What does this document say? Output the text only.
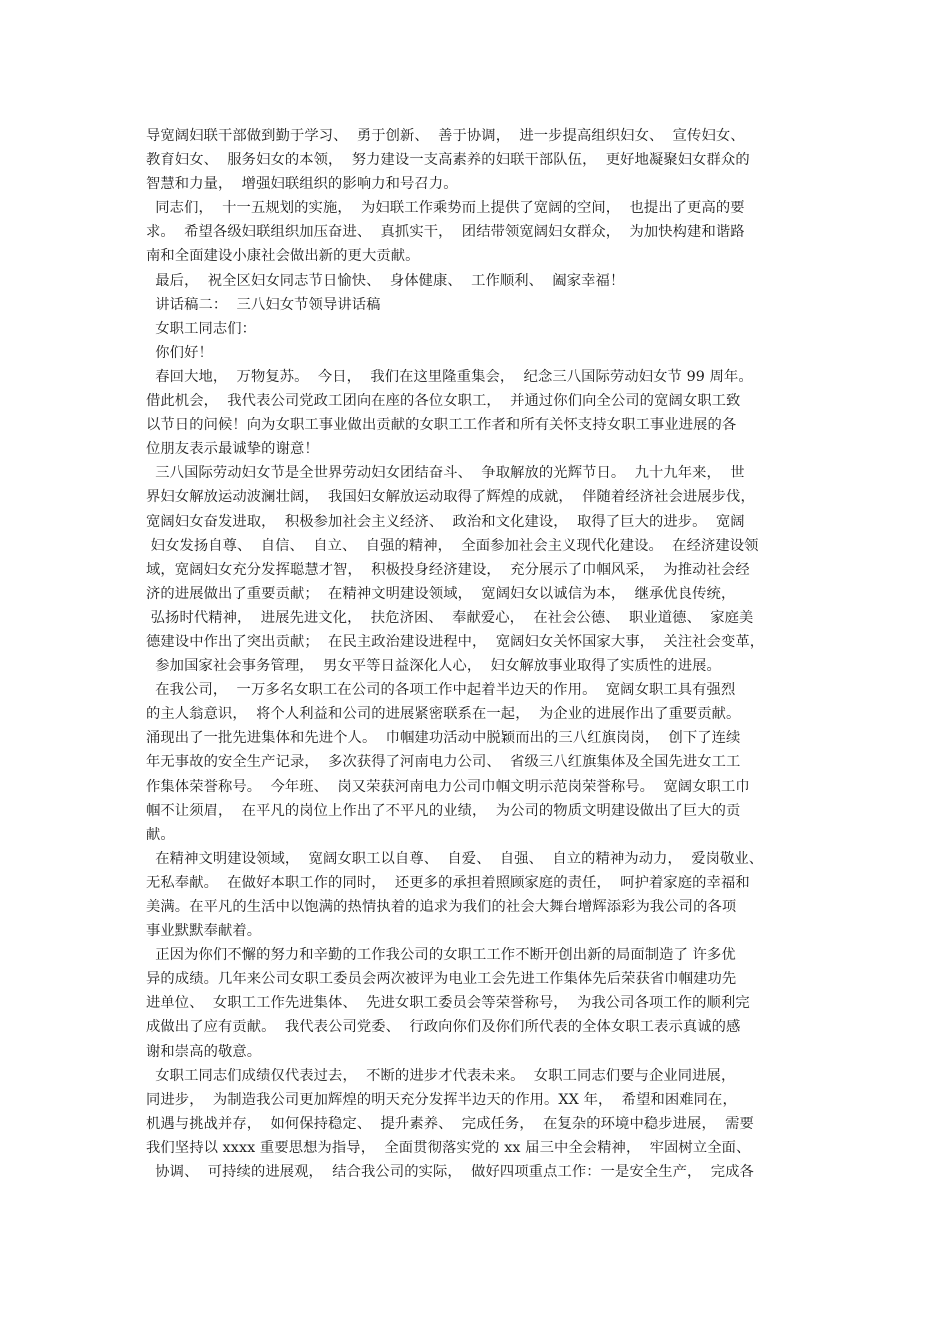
导宽阔妇联干部做到勤于学习、  勇于创新、  善于协调，  进一步提高组织妇女、  宣传妇女、
教育妇女、  服务妇女的本领，  努力建设一支高素养的妇联干部队伍，  更好地凝聚妇女群众的
智慧和力量，  增强妇联组织的影响力和号召力。
同志们，  十一五规划的实施，  为妇联工作乘势而上提供了宽阔的空间，  也提出了更高的要
求。  希望各级妇联组织加压奋进、  真抓实干，  团结带领宽阔妇女群众，  为加快构建和谐路
南和全面建设小康社会做出新的更大贡献。
最后，  祝全区妇女同志节日愉快、  身体健康、  工作顺利、  阖家幸福！
讲话稿二：  三八妇女节领导讲话稿
女职工同志们：
你们好！
春回大地，  万物复苏。  今日，  我们在这里隆重集会，  纪念三八国际劳动妇女节 99 周年。
借此机会，  我代表公司党政工团向在座的各位女职工，  并通过你们向全公司的宽阔女职工致
以节日的问候！向为女职工事业做出贡献的女职工工作者和所有关怀支持女职工事业进展的各
位朋友表示最诚挚的谢意！
三八国际劳动妇女节是全世界劳动妇女团结奋斗、  争取解放的光辉节日。  九十九年来，  世
界妇女解放运动波澜壮阔，  我国妇女解放运动取得了辉煌的成就，  伴随着经济社会进展步伐，
宽阔妇女奋发进取，  积极参加社会主义经济、  政治和文化建设，  取得了巨大的进步。  宽阔
妇女发扬自尊、  自信、  自立、  自强的精神，  全面参加社会主义现代化建设。  在经济建设领
域，宽阔妇女充分发挥聪慧才智，  积极投身经济建设，  充分展示了巾帼风采，  为推动社会经
济的进展做出了重要贡献；  在精神文明建设领域，  宽阔妇女以诚信为本，  继承优良传统，
弘扬时代精神，  进展先进文化，  扶危济困、  奉献爱心，  在社会公德、  职业道德、  家庭美
德建设中作出了突出贡献；  在民主政治建设进程中，  宽阔妇女关怀国家大事，  关注社会变革，
参加国家社会事务管理，  男女平等日益深化人心，  妇女解放事业取得了实质性的进展。
在我公司，  一万多名女职工在公司的各项工作中起着半边天的作用。  宽阔女职工具有强烈
的主人翁意识，  将个人利益和公司的进展紧密联系在一起，  为企业的进展作出了重要贡献。
涌现出了一批先进集体和先进个人。  巾帼建功活动中脱颖而出的三八红旗岗岗，  创下了连续
年无事故的安全生产记录，  多次获得了河南电力公司、  省级三八红旗集体及全国先进女工工
作集体荣誉称号。  今年班、  岗又荣获河南电力公司巾帼文明示范岗荣誉称号。  宽阔女职工巾
帼不让须眉，  在平凡的岗位上作出了不平凡的业绩，  为公司的物质文明建设做出了巨大的贡
献。
在精神文明建设领域，  宽阔女职工以自尊、  自爱、  自强、  自立的精神为动力，  爱岗敬业、
无私奉献。  在做好本职工作的同时，  还更多的承担着照顾家庭的责任，  呵护着家庭的幸福和
美满。在平凡的生活中以饱满的热情执着的追求为我们的社会大舞台增辉添彩为我公司的各项
事业默默奉献着。
正因为你们不懈的努力和辛勤的工作我公司的女职工工作不断开创出新的局面制造了 许多优
异的成绩。几年来公司女职工委员会两次被评为电业工会先进工作集体先后荣获省巾帼建功先
进单位、  女职工工作先进集体、  先进女职工委员会等荣誉称号，  为我公司各项工作的顺利完
成做出了应有贡献。  我代表公司党委、  行政向你们及你们所代表的全体女职工表示真诚的感
谢和崇高的敬意。
女职工同志们成绩仅代表过去，  不断的进步才代表未来。  女职工同志们要与企业同进展，
同进步，  为制造我公司更加辉煌的明天充分发挥半边天的作用。XX 年，  希望和困难同在，
机遇与挑战并存，  如何保持稳定、  提升素养、  完成任务，  在复杂的环境中稳步进展，  需要
我们坚持以 xxxx 重要思想为指导，  全面贯彻落实党的 xx 届三中全会精神，  牢固树立全面、
协调、  可持续的进展观，  结合我公司的实际，  做好四项重点工作：一是安全生产，  完成各
